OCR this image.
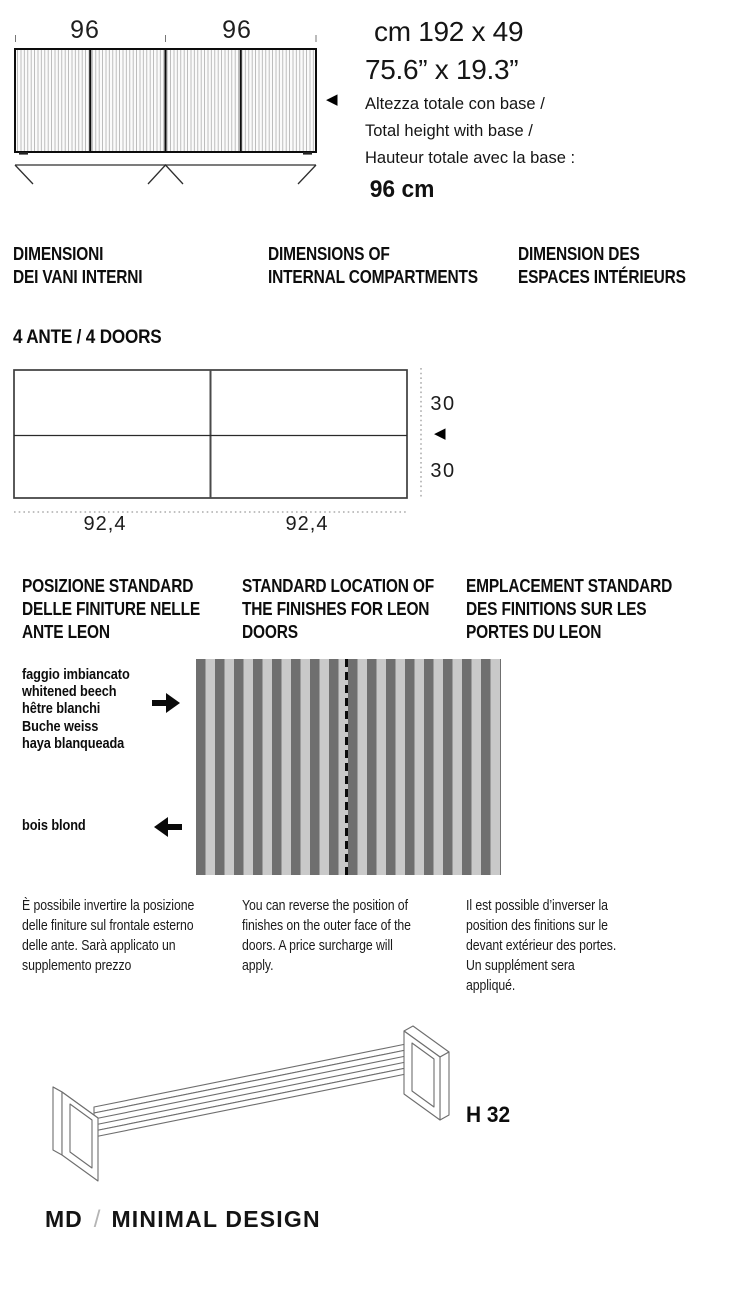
96	96
◀
cm 192 x 49
75.6” x 19.3”
Altezza totale con base /
Total height with base /
Hauteur totale avec la base :
96 cm
DIMENSIONI
DEI VANI INTERNI
DIMENSIONS OF
INTERNAL COMPARTMENTS
DIMENSION DES
ESPACES INTÉRIEURS
4 ANTE / 4 DOORS
30
30
92,4	92,4
◀
POSIZIONE STANDARD
DELLE FINITURE NELLE
ANTE LEON
STANDARD LOCATION OF
THE FINISHES FOR LEON
DOORS
EMPLACEMENT STANDARD
DES FINITIONS SUR LES
PORTES DU LEON
faggio imbiancato
whitened beech
hêtre blanchi
Buche weiss
haya blanqueada
bois blond
È possibile invertire la posizione
delle finiture sul frontale esterno
delle ante. Sarà applicato un
supplemento prezzo
You can reverse the position of
finishes on the outer face of the
doors. A price surcharge will
apply.
Il est possible d’inverser la
position des finitions sur le
devant extérieur des portes.
Un supplément sera
appliqué.
H 32
MD / MINIMAL DESIGN
